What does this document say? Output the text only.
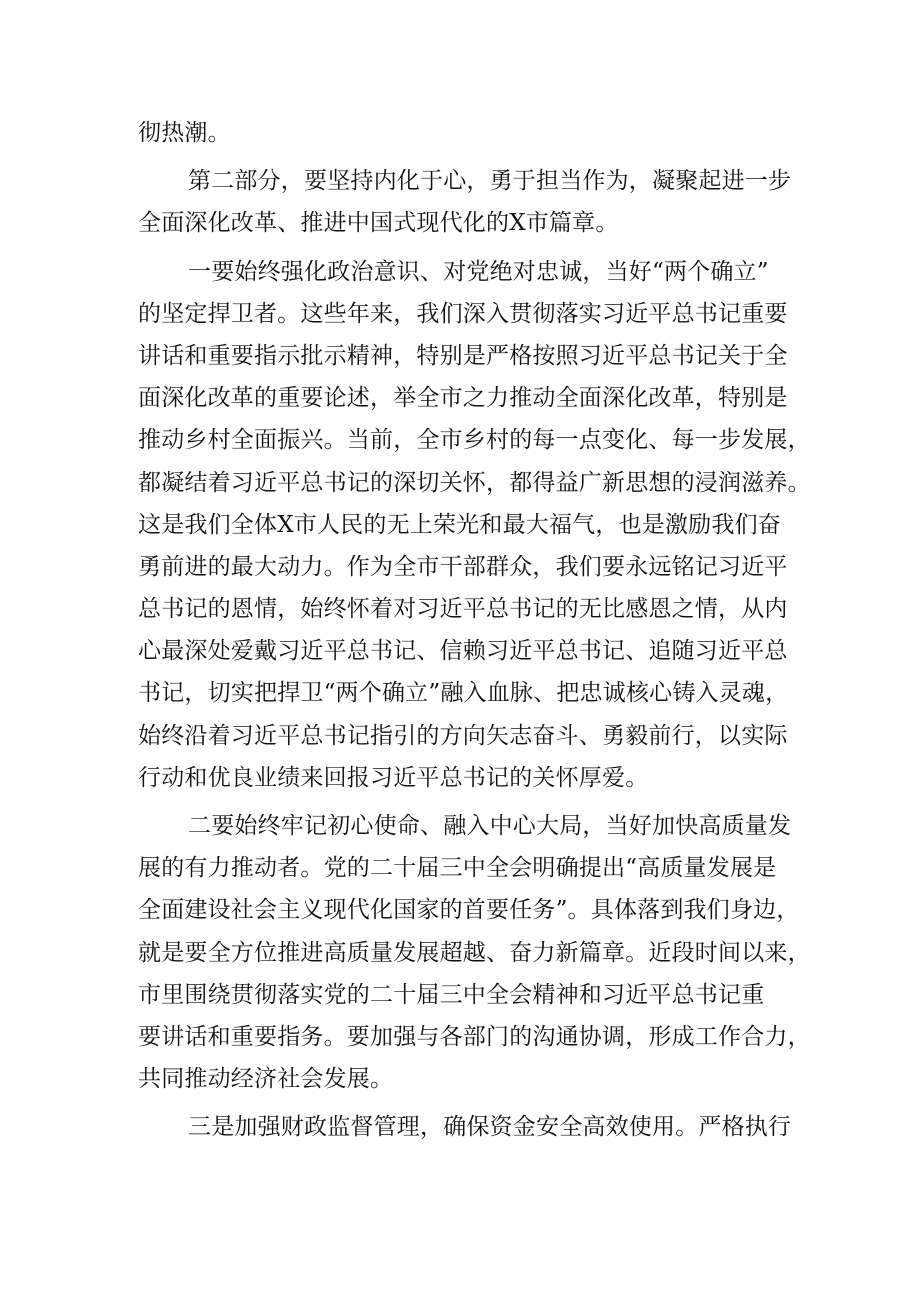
彻热潮。
第二部分，要坚持内化于心，勇于担当作为，凝聚起进一步
全面深化改革、推进中国式现代化的X市篇章。
一要始终强化政治意识、对党绝对忠诚，当好“两个确立”
的坚定捍卫者。这些年来，我们深入贯彻落实习近平总书记重要
讲话和重要指示批示精神，特别是严格按照习近平总书记关于全
面深化改革的重要论述，举全市之力推动全面深化改革，特别是
推动乡村全面振兴。当前，全市乡村的每一点变化、每一步发展，
都凝结着习近平总书记的深切关怀，都得益广新思想的浸润滋养。
这是我们全体X市人民的无上荣光和最大福气，也是激励我们奋
勇前进的最大动力。作为全市干部群众，我们要永远铭记习近平
总书记的恩情，始终怀着对习近平总书记的无比感恩之情，从内
心最深处爱戴习近平总书记、信赖习近平总书记、追随习近平总
书记，切实把捍卫“两个确立”融入血脉、把忠诚核心铸入灵魂，
始终沿着习近平总书记指引的方向矢志奋斗、勇毅前行，以实际
行动和优良业绩来回报习近平总书记的关怀厚爱。
二要始终牢记初心使命、融入中心大局，当好加快高质量发
展的有力推动者。党的二十届三中全会明确提出“高质量发展是
全面建设社会主义现代化国家的首要任务”。具体落到我们身边，
就是要全方位推进高质量发展超越、奋力新篇章。近段时间以来，
市里围绕贯彻落实党的二十届三中全会精神和习近平总书记重
要讲话和重要指务。要加强与各部门的沟通协调，形成工作合力，
共同推动经济社会发展。
三是加强财政监督管理，确保资金安全高效使用。严格执行
